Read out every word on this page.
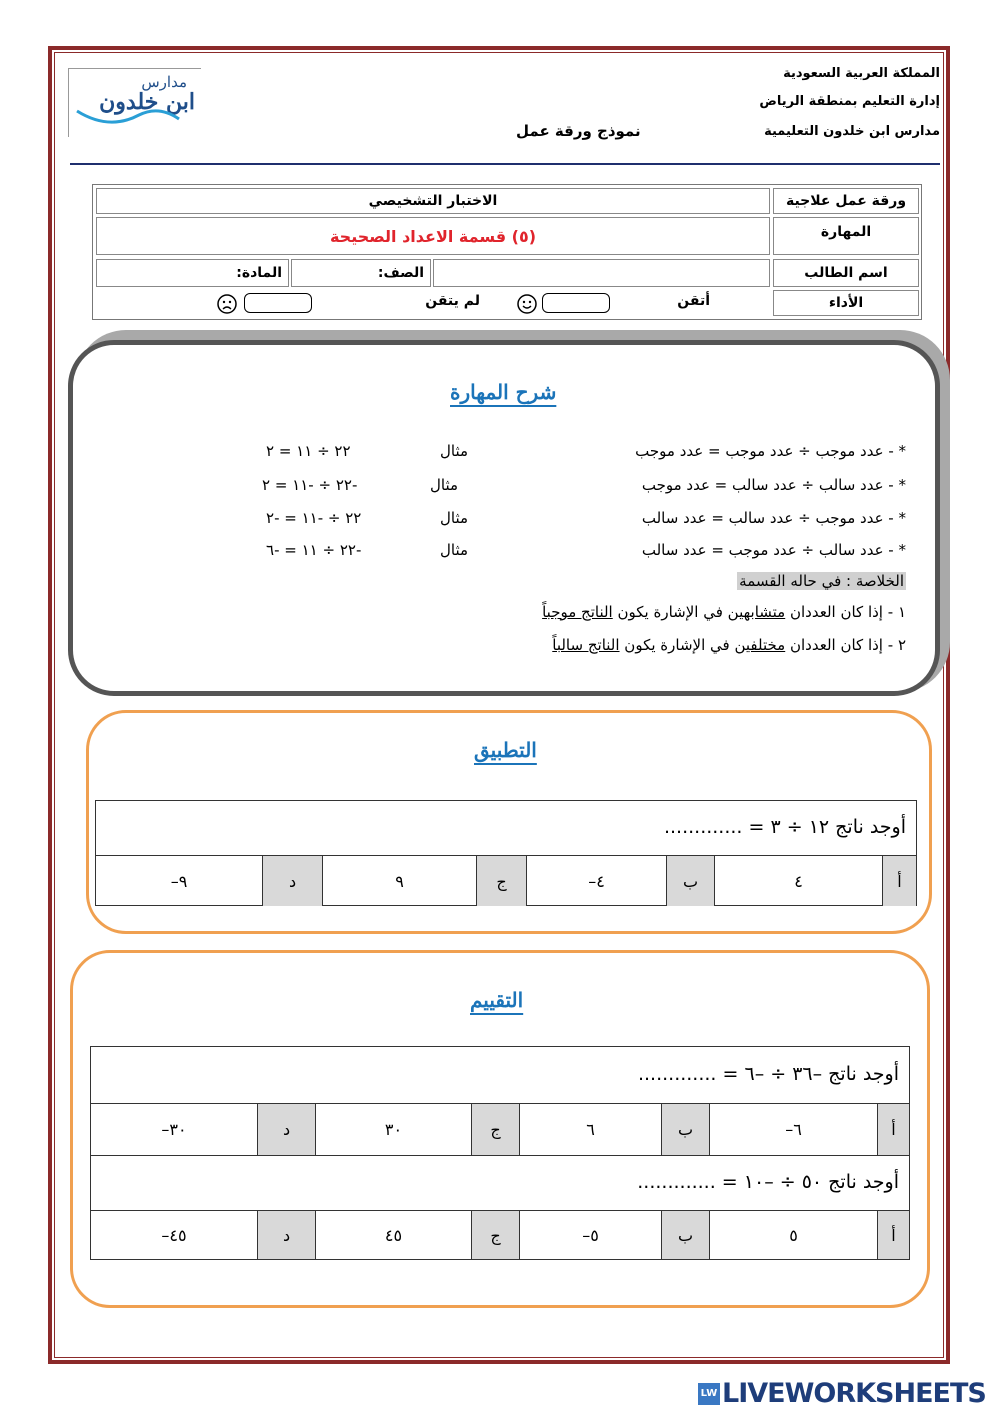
المملكة العربية السعودية
إدارة التعليم بمنطقة الرياض
مدارس ابن خلدون التعليمية
نموذج ورقة عمل
مدارس
ابن خلدون
ورقة عمل علاجية
الاختبار التشخيصي
المهارة
(٥) قسمة الاعداد الصحيحة
اسم الطالب
الصف:
المادة:
الأداء
أتقن
لم يتقن
شرح المهارة
* - عدد موجب ÷ عدد موجب = عدد موجب
مثال
٢٢ ÷ ١١ = ٢
* - عدد سالب ÷ عدد سالب = عدد موجب
مثال
-٢٢ ÷ -١١ = ٢
* - عدد موجب ÷ عدد سالب = عدد سالب
مثال
٢٢ ÷ -١١ = -٢
* - عدد سالب ÷ عدد موجب = عدد سالب
مثال
-٢٢ ÷ ١١ = -٦
الخلاصة : في حاله القسمة
١ - إذا كان العددان متشابهين في الإشارة يكون الناتج موجباً
٢ - إذا كان العددان مختلفين في الإشارة يكون الناتج سالباً
التطبيق
أوجد ناتج ١٢ ÷ ٣ = .............
أ
٤
ب
–٤
ج
٩
د
–٩
التقييم
أوجد ناتج –٣٦ ÷ –٦ = .............
أ
–٦
ب
٦
ج
٣٠
د
–٣٠
أوجد ناتج ٥٠ ÷ –١٠ = .............
أ
٥
ب
–٥
ج
٤٥
د
–٤٥
LW LIVEWORKSHEETS
